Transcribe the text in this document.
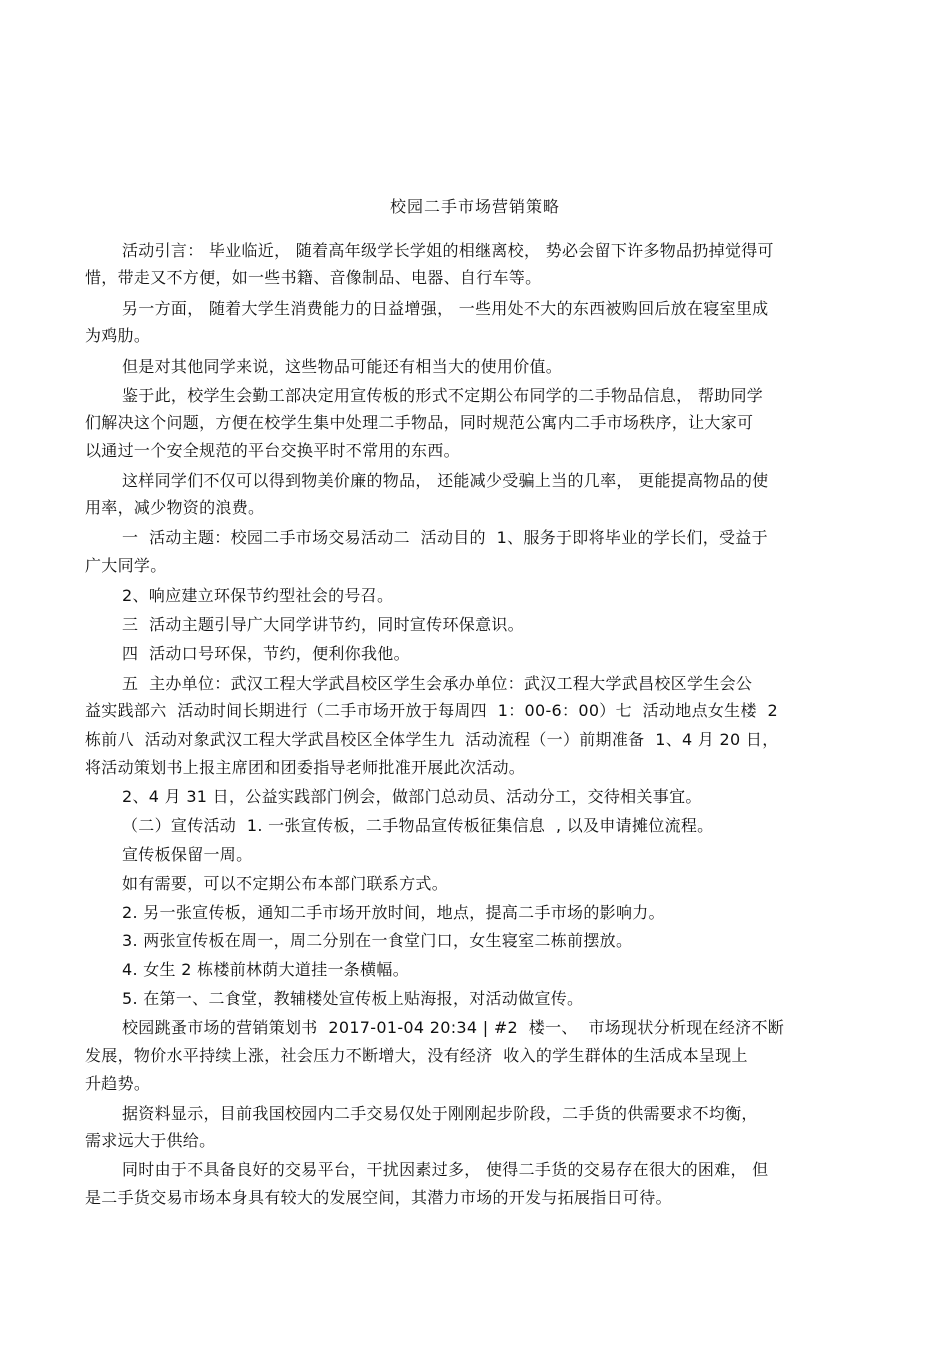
校园二手市场营销策略
活动引言： 毕业临近， 随着高年级学长学姐的相继离校， 势必会留下许多物品扔掉觉得可
惜，带走又不方便，如一些书籍、音像制品、电器、自行车等。
另一方面， 随着大学生消费能力的日益增强， 一些用处不大的东西被购回后放在寝室里成
为鸡肋。
但是对其他同学来说，这些物品可能还有相当大的使用价值。
鉴于此，校学生会勤工部决定用宣传板的形式不定期公布同学的二手物品信息， 帮助同学
们解决这个问题，方便在校学生集中处理二手物品，同时规范公寓内二手市场秩序，让大家可
以通过一个安全规范的平台交换平时不常用的东西。
这样同学们不仅可以得到物美价廉的物品， 还能减少受骗上当的几率， 更能提高物品的使
用率，减少物资的浪费。
一  活动主题：校园二手市场交易活动二  活动目的  1、服务于即将毕业的学长们，受益于
广大同学。
2、响应建立环保节约型社会的号召。
三  活动主题引导广大同学讲节约，同时宣传环保意识。
四  活动口号环保，节约，便利你我他。
五  主办单位：武汉工程大学武昌校区学生会承办单位：武汉工程大学武昌校区学生会公
益实践部六  活动时间长期进行（二手市场开放于每周四  1：00-6：00）七  活动地点女生楼  2
栋前八  活动对象武汉工程大学武昌校区全体学生九  活动流程（一）前期准备  1、4 月 20 日，
将活动策划书上报主席团和团委指导老师批准开展此次活动。
2、4 月 31 日，公益实践部门例会，做部门总动员、活动分工，交待相关事宜。
（二）宣传活动  1. 一张宣传板，二手物品宣传板征集信息  , 以及申请摊位流程。
宣传板保留一周。
如有需要，可以不定期公布本部门联系方式。
2. 另一张宣传板，通知二手市场开放时间，地点，提高二手市场的影响力。
3. 两张宣传板在周一，周二分别在一食堂门口，女生寝室二栋前摆放。
4. 女生 2 栋楼前林荫大道挂一条横幅。
5. 在第一、二食堂，教辅楼处宣传板上贴海报，对活动做宣传。
校园跳蚤市场的营销策划书  2017-01-04 20:34 | #2  楼一、  市场现状分析现在经济不断
发展，物价水平持续上涨，社会压力不断增大，没有经济  收入的学生群体的生活成本呈现上
升趋势。
据资料显示，目前我国校园内二手交易仅处于刚刚起步阶段，二手货的供需要求不均衡，
需求远大于供给。
同时由于不具备良好的交易平台，干扰因素过多， 使得二手货的交易存在很大的困难， 但
是二手货交易市场本身具有较大的发展空间，其潜力市场的开发与拓展指日可待。
